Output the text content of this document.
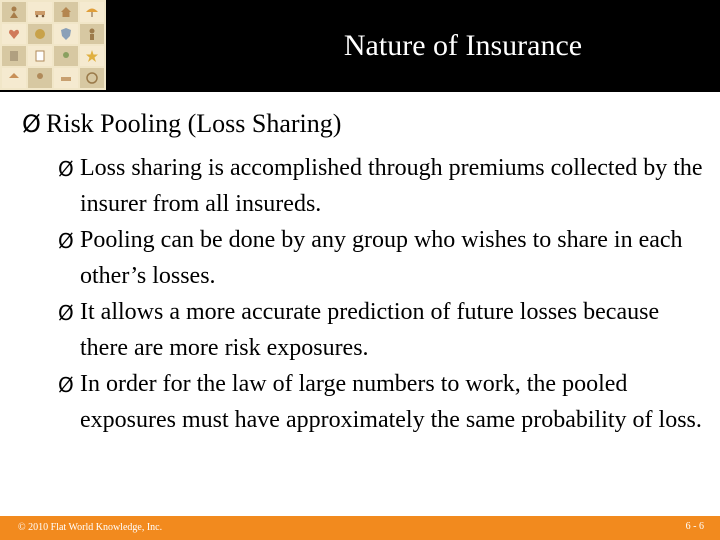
Nature of Insurance
Ø Risk Pooling (Loss Sharing)
Ø Loss sharing is accomplished through premiums collected by the insurer from all insureds.
Ø Pooling can be done by any group who wishes to share in each other’s losses.
Ø It allows a more accurate prediction of future losses because there are more risk exposures.
Ø In order for the law of large numbers to work, the pooled exposures must have approximately the same probability of loss.
© 2010 Flat World Knowledge, Inc.	6 - 6
